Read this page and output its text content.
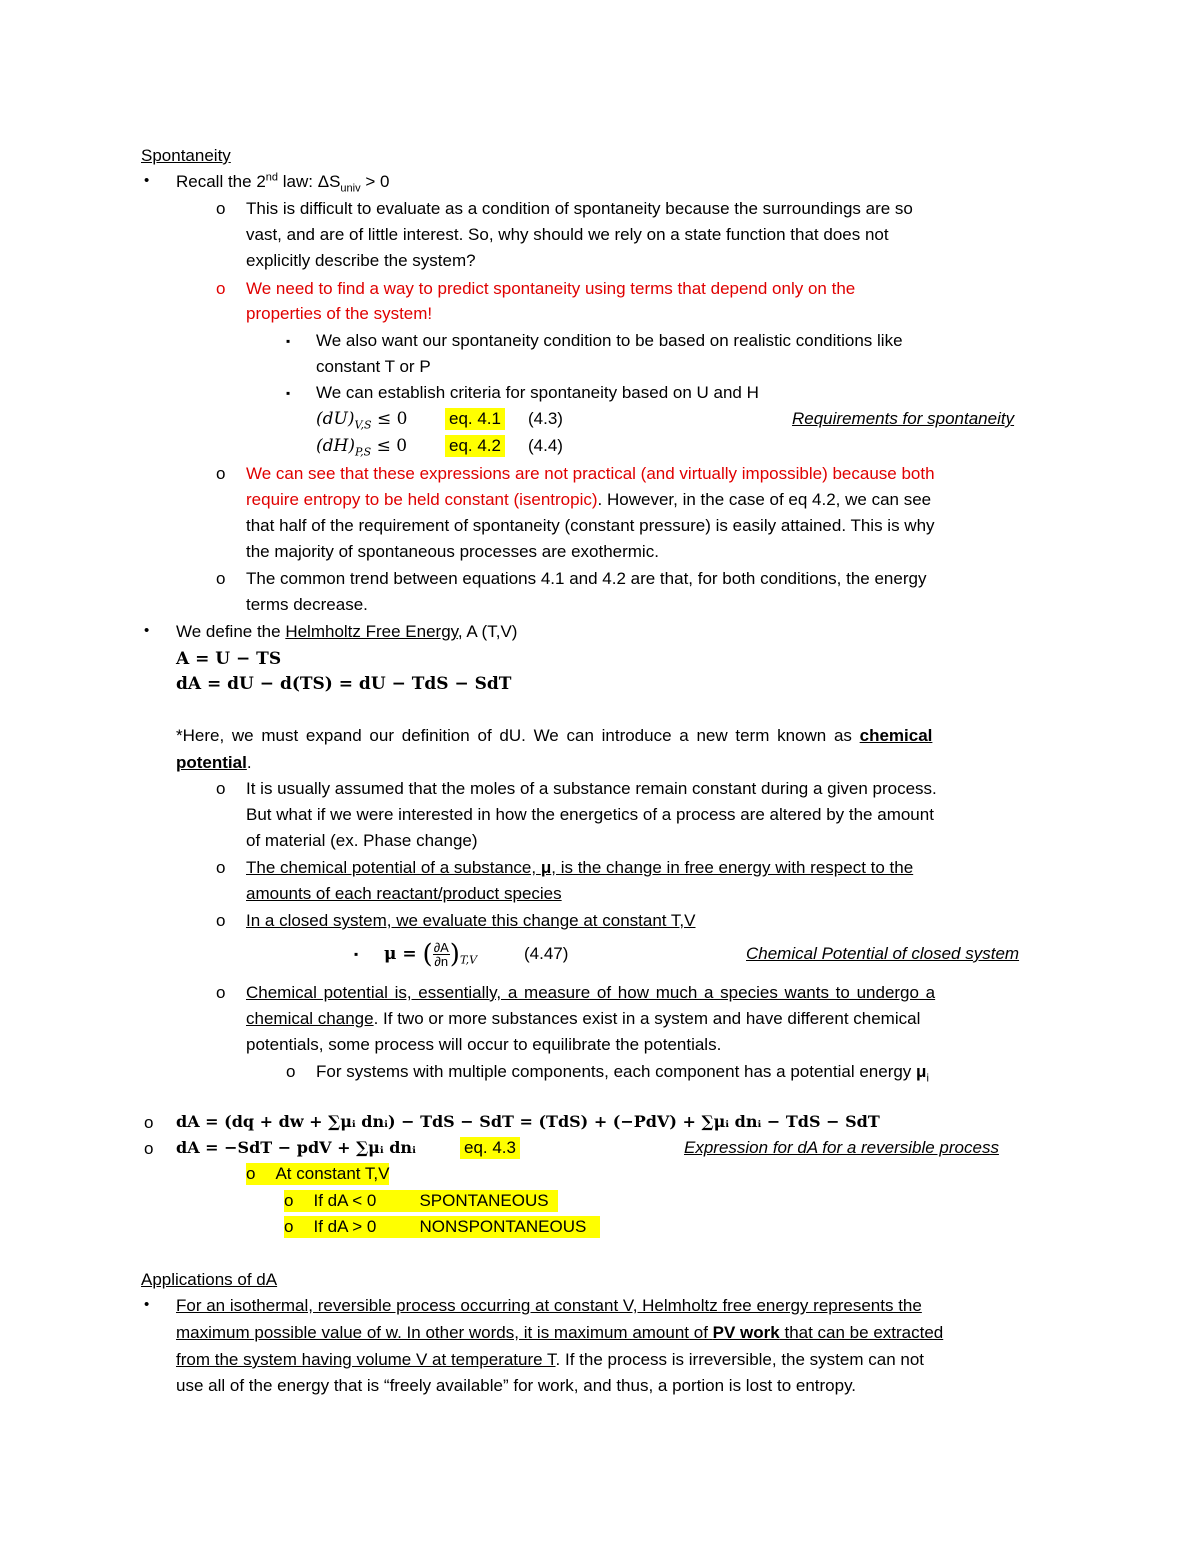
Spontaneity
• Recall the 2nd law: $\Delta S_{univ} > 0$
o This is difficult to evaluate as a condition of spontaneity because the surroundings are so
vast, and are of little interest. So, why should we rely on a state function that does not
explicitly describe the system?
o We need to find a way to predict spontaneity using terms that depend only on the
properties of the system!
▪ We also want our spontaneity condition to be based on realistic conditions like
constant T or P
▪ We can establish criteria for spontaneity based on U and H
$(dU)_{V,S} \le 0$ eq. 4.1 (4.3)	Requirements for spontaneity
$(dH)_{P,S} \le 0$ eq. 4.2 (4.4)
o We can see that these expressions are not practical (and virtually impossible) because both
require entropy to be held constant (isentropic). However, in the case of eq 4.2, we can see
that half of the requirement of spontaneity (constant pressure) is easily attained. This is why
the majority of spontaneous processes are exothermic.
o The common trend between equations 4.1 and 4.2 are that, for both conditions, the energy
terms decrease.
• We define the Helmholtz Free Energy, A (T,V)
A = U − TS
dA = dU − d(TS) = dU − TdS − SdT
*Here, we must expand our definition of dU. We can introduce a new term known as chemical
potential.
o It is usually assumed that the moles of a substance remain constant during a given process.
But what if we were interested in how the energetics of a process are altered by the amount
of material (ex. Phase change)
o The chemical potential of a substance, μ, is the change in free energy with respect to the
amounts of each reactant/product species
o In a closed system, we evaluate this change at constant T,V
▪ μ = ( $\frac{\partial A}{\partial n} )_{T,V}$	(4.47)	Chemical Potential of closed system
o Chemical potential is, essentially, a measure of how much a species wants to undergo a
chemical change. If two or more substances exist in a system and have different chemical
potentials, some process will occur to equilibrate the potentials.
o For systems with multiple components, each component has a potential energy $\mu_i$
o dA = (dq + dw + ∑μᵢ dnᵢ) − TdS − SdT = (TdS) + (−PdV) + ∑μᵢ dnᵢ − TdS − SdT
o dA = −SdT − pdV + ∑μᵢ dnᵢ	eq. 4.3	Expression for dA for a reversible process
o At constant T,V
o If dA < 0	SPONTANEOUS
o If dA > 0	NONSPONTANEOUS
Applications of dA
• For an isothermal, reversible process occurring at constant V, Helmholtz free energy represents the
maximum possible value of w. In other words, it is maximum amount of PV work that can be extracted
from the system having volume V at temperature T. If the process is irreversible, the system can not
use all of the energy that is “freely available” for work, and thus, a portion is lost to entropy.
